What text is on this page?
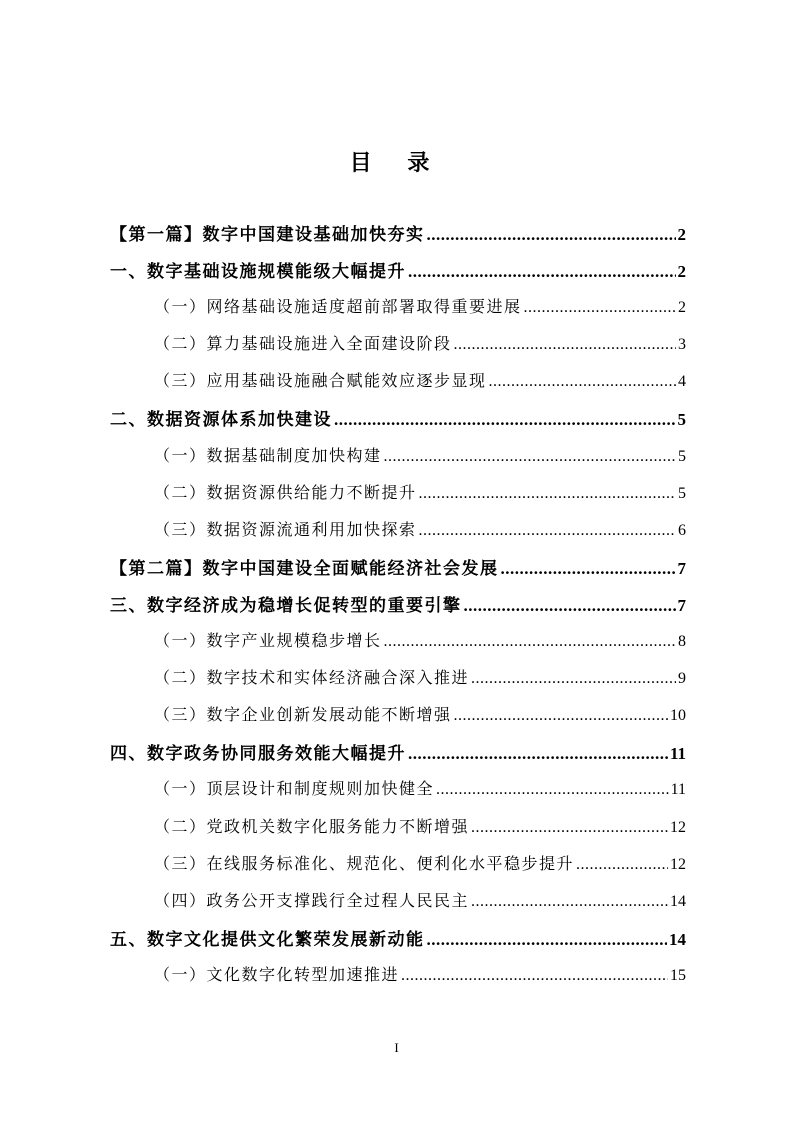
目 录
【第一篇】数字中国建设基础加快夯实 .....	2
一、数字基础设施规模能级大幅提升 .....	2
（一）网络基础设施适度超前部署取得重要进展 .....	2
（二）算力基础设施进入全面建设阶段 .....	3
（三）应用基础设施融合赋能效应逐步显现 .....	4
二、数据资源体系加快建设 .....	5
（一）数据基础制度加快构建 .....	5
（二）数据资源供给能力不断提升 .....	5
（三）数据资源流通利用加快探索 .....	6
【第二篇】数字中国建设全面赋能经济社会发展 .....	7
三、数字经济成为稳增长促转型的重要引擎 .....	7
（一）数字产业规模稳步增长 .....	8
（二）数字技术和实体经济融合深入推进 .....	9
（三）数字企业创新发展动能不断增强 .....	10
四、数字政务协同服务效能大幅提升 .....	11
（一）顶层设计和制度规则加快健全 .....	11
（二）党政机关数字化服务能力不断增强 .....	12
（三）在线服务标准化、规范化、便利化水平稳步提升 .....	12
（四）政务公开支撑践行全过程人民民主 .....	14
五、数字文化提供文化繁荣发展新动能 .....	14
（一）文化数字化转型加速推进 .....	15
I
